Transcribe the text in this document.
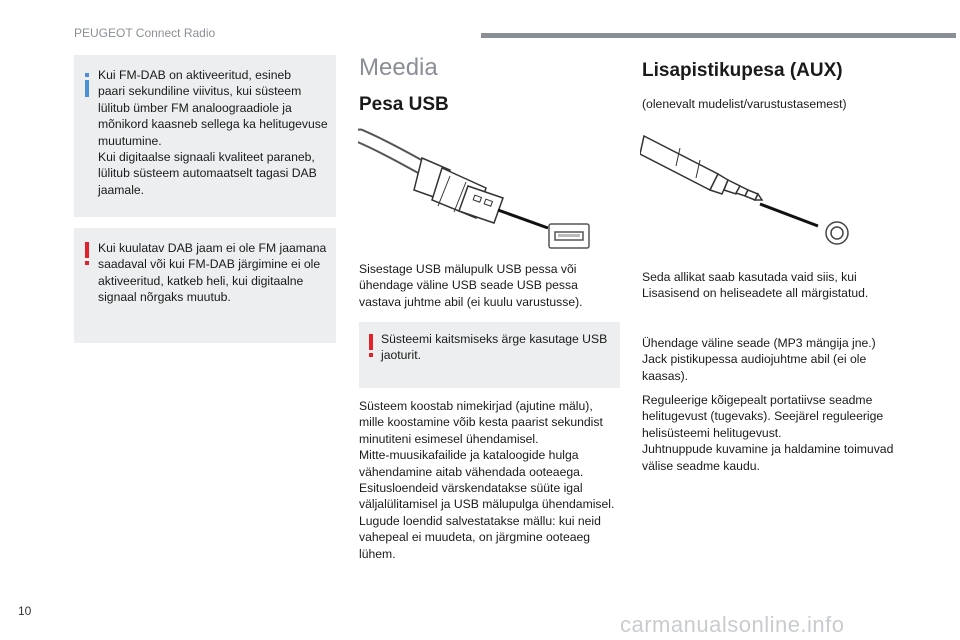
PEUGEOT Connect Radio
Kui FM-DAB on aktiveeritud, esineb
paari sekundiline viivitus, kui süsteem
lülitub ümber FM analoograadiole ja
mõnikord kaasneb sellega ka helitugevuse
muutumine.
Kui digitaalse signaali kvaliteet paraneb,
lülitub süsteem automaatselt tagasi DAB
jaamale.
Kui kuulatav DAB jaam ei ole FM jaamana
saadaval või kui FM-DAB järgimine ei ole
aktiveeritud, katkeb heli, kui digitaalne
signaal nõrgaks muutub.
Meedia
Pesa USB
Sisestage USB mälupulk USB pessa või
ühendage väline USB seade USB pessa
vastava juhtme abil (ei kuulu varustusse).
Süsteemi kaitsmiseks ärge kasutage USB
jaoturit.
Süsteem koostab nimekirjad (ajutine mälu),
mille koostamine võib kesta paarist sekundist
minutiteni esimesel ühendamisel.
Mitte-muusikafailide ja kataloogide hulga
vähendamine aitab vähendada ooteaega.
Esitusloendeid värskendatakse süüte igal
väljalülitamisel ja USB mälupulga ühendamisel.
Lugude loendid salvestatakse mällu: kui neid
vahepeal ei muudeta, on järgmine ooteaeg
lühem.
Lisapistikupesa (AUX)
(olenevalt mudelist/varustustasemest)
Seda allikat saab kasutada vaid siis, kui
Lisasisend on heliseadete all märgistatud.
Ühendage väline seade (MP3 mängija jne.)
Jack pistikupessa audiojuhtme abil (ei ole
kaasas).
Reguleerige kõigepealt portatiivse seadme
helitugevust (tugevaks). Seejärel reguleerige
helisüsteemi helitugevust.
Juhtnuppude kuvamine ja haldamine toimuvad
välise seadme kaudu.
10
carmanualsonline.info
